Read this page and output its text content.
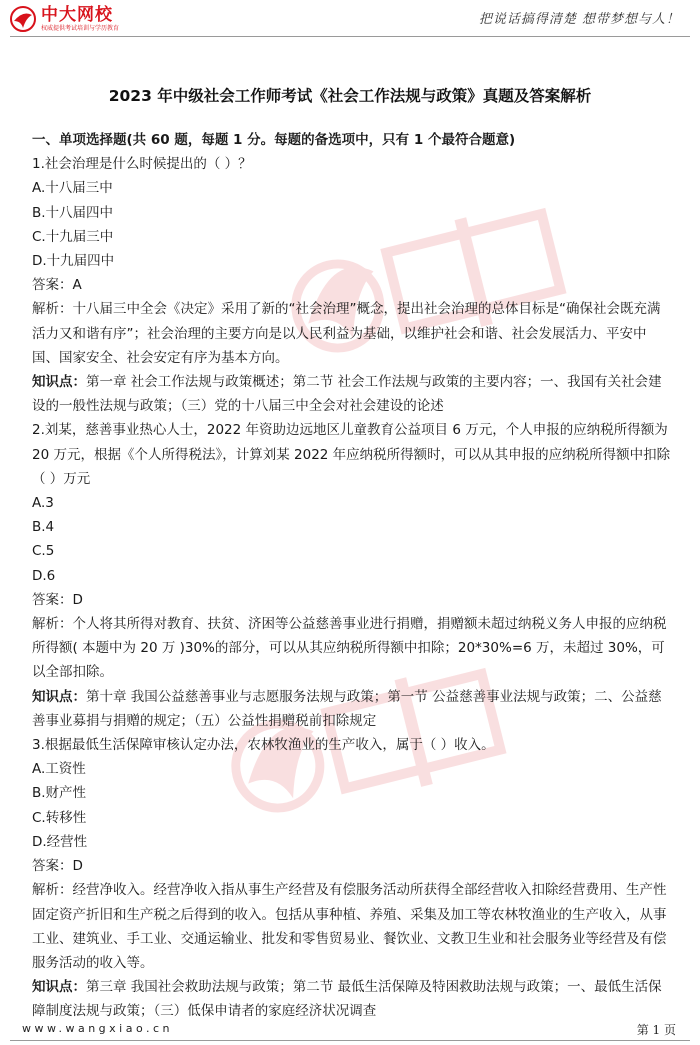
中大网校
权威提供考试培训与学历教育
把说话搞得清楚 想带梦想与人！
2023 年中级社会工作师考试《社会工作法规与政策》真题及答案解析

一、单项选择题(共 60 题，每题 1 分。每题的备选项中，只有 1 个最符合题意)

1.社会治理是什么时候提出的（ ）？

A.十八届三中

B.十八届四中

C.十九届三中

D.十九届四中

答案：A

解析：十八届三中全会《决定》采用了新的“社会治理”概念，提出社会治理的总体目标是“确保社会既充满活力又和谐有序”；社会治理的主要方向是以人民利益为基础，以维护社会和谐、社会发展活力、平安中国、国家安全、社会安定有序为基本方向。

知识点：第一章 社会工作法规与政策概述；第二节 社会工作法规与政策的主要内容；一、我国有关社会建设的一般性法规与政策；（三）党的十八届三中全会对社会建设的论述

2.刘某，慈善事业热心人士，2022 年资助边远地区儿童教育公益项目 6 万元，个人申报的应纳税所得额为 20 万元，根据《个人所得税法》，计算刘某 2022 年应纳税所得额时，可以从其申报的应纳税所得额中扣除（ ）万元

A.3

B.4

C.5

D.6

答案：D

解析：个人将其所得对教育、扶贫、济困等公益慈善事业进行捐赠，捐赠额未超过纳税义务人申报的应纳税所得额( 本题中为 20 万 )30%的部分，可以从其应纳税所得额中扣除；20*30%=6 万，未超过 30%，可以全部扣除。

知识点：第十章 我国公益慈善事业与志愿服务法规与政策；第一节 公益慈善事业法规与政策；二、公益慈善事业募捐与捐赠的规定；（五）公益性捐赠税前扣除规定

3.根据最低生活保障审核认定办法，农林牧渔业的生产收入，属于（ ）收入。

A.工资性

B.财产性

C.转移性

D.经营性

答案：D

解析：经营净收入。经营净收入指从事生产经营及有偿服务活动所获得全部经营收入扣除经营费用、生产性固定资产折旧和生产税之后得到的收入。包括从事种植、养殖、采集及加工等农林牧渔业的生产收入，从事工业、建筑业、手工业、交通运输业、批发和零售贸易业、餐饮业、文教卫生业和社会服务业等经营及有偿服务活动的收入等。

知识点：第三章 我国社会救助法规与政策；第二节 最低生活保障及特困救助法规与政策；一、最低生活保障制度法规与政策；（三）低保申请者的家庭经济状况调查

www.wangxiao.cn	第 1 页
